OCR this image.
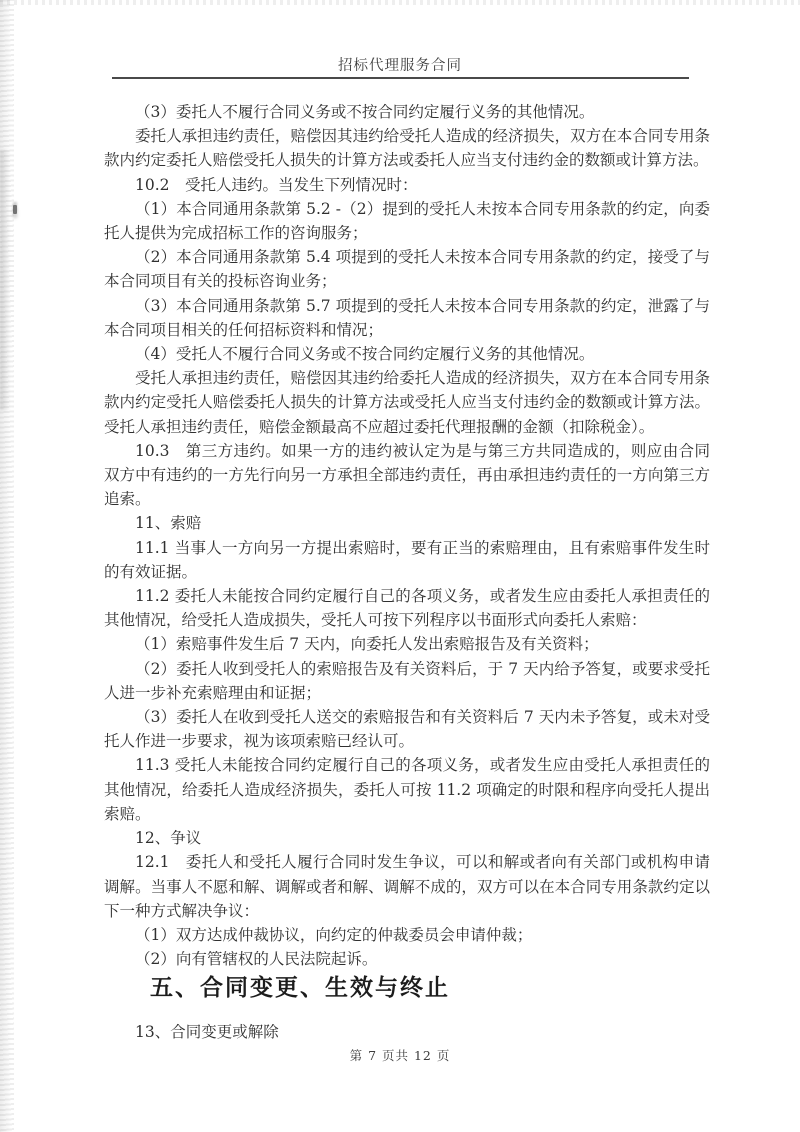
招标代理服务合同

（3）委托人不履行合同义务或不按合同约定履行义务的其他情况。

委托人承担违约责任，赔偿因其违约给受托人造成的经济损失，双方在本合同专用条款内约定委托人赔偿受托人损失的计算方法或委托人应当支付违约金的数额或计算方法。

10.2　受托人违约。当发生下列情况时：

（1）本合同通用条款第 5.2 -（2）提到的受托人未按本合同专用条款的约定，向委托人提供为完成招标工作的咨询服务；

（2）本合同通用条款第 5.4 项提到的受托人未按本合同专用条款的约定，接受了与本合同项目有关的投标咨询业务；

（3）本合同通用条款第 5.7 项提到的受托人未按本合同专用条款的约定，泄露了与本合同项目相关的任何招标资料和情况；

（4）受托人不履行合同义务或不按合同约定履行义务的其他情况。

受托人承担违约责任，赔偿因其违约给委托人造成的经济损失，双方在本合同专用条款内约定受托人赔偿委托人损失的计算方法或受托人应当支付违约金的数额或计算方法。受托人承担违约责任，赔偿金额最高不应超过委托代理报酬的金额（扣除税金）。

10.3　第三方违约。如果一方的违约被认定为是与第三方共同造成的，则应由合同双方中有违约的一方先行向另一方承担全部违约责任，再由承担违约责任的一方向第三方追索。

11、索赔

11.1 当事人一方向另一方提出索赔时，要有正当的索赔理由，且有索赔事件发生时的有效证据。

11.2 委托人未能按合同约定履行自己的各项义务，或者发生应由委托人承担责任的其他情况，给受托人造成损失，受托人可按下列程序以书面形式向委托人索赔：

（1）索赔事件发生后 7 天内，向委托人发出索赔报告及有关资料；

（2）委托人收到受托人的索赔报告及有关资料后，于 7 天内给予答复，或要求受托人进一步补充索赔理由和证据；

（3）委托人在收到受托人送交的索赔报告和有关资料后 7 天内未予答复，或未对受托人作进一步要求，视为该项索赔已经认可。

11.3 受托人未能按合同约定履行自己的各项义务，或者发生应由受托人承担责任的其他情况，给委托人造成经济损失，委托人可按 11.2 项确定的时限和程序向受托人提出索赔。

12、争议

12.1　委托人和受托人履行合同时发生争议，可以和解或者向有关部门或机构申请调解。当事人不愿和解、调解或者和解、调解不成的，双方可以在本合同专用条款约定以下一种方式解决争议：

（1）双方达成仲裁协议，向约定的仲裁委员会申请仲裁；

（2）向有管辖权的人民法院起诉。

五、合同变更、生效与终止

13、合同变更或解除

第 7 页共 12 页
